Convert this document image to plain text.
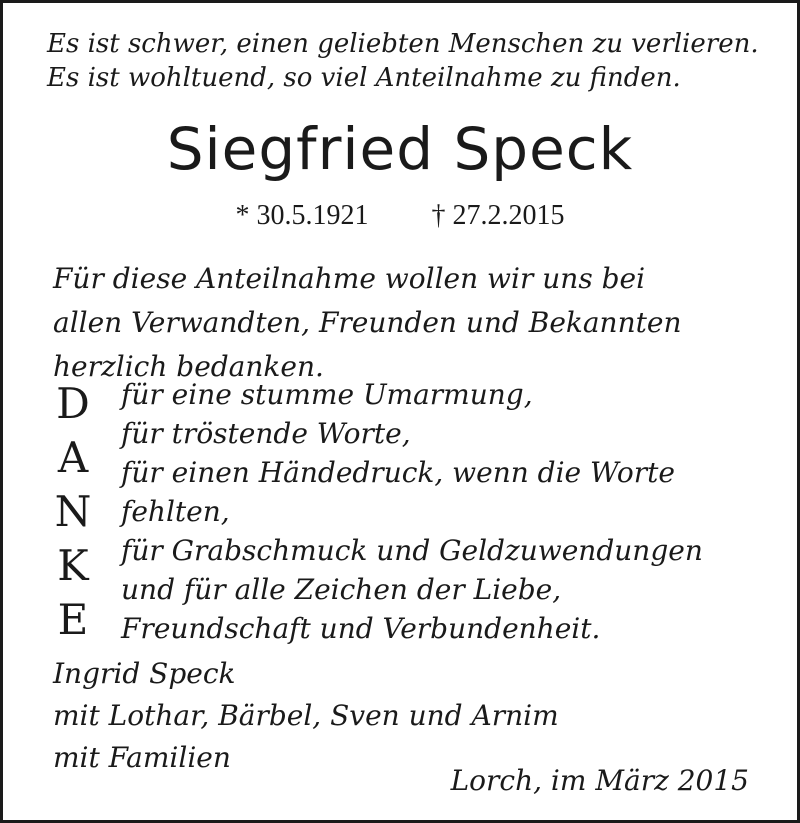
Es ist schwer, einen geliebten Menschen zu verlieren.
Es ist wohltuend, so viel Anteilnahme zu finden.
Siegfried Speck
* 30.5.1921 † 27.2.2015
Für diese Anteilnahme wollen wir uns bei
allen Verwandten, Freunden und Bekannten
herzlich bedanken.
D
A
N
K
E
für eine stumme Umarmung,
für tröstende Worte,
für einen Händedruck, wenn die Worte
fehlten,
für Grabschmuck und Geldzuwendungen
und für alle Zeichen der Liebe,
Freundschaft und Verbundenheit.
Ingrid Speck
mit Lothar, Bärbel, Sven und Arnim
mit Familien
Lorch, im März 2015
